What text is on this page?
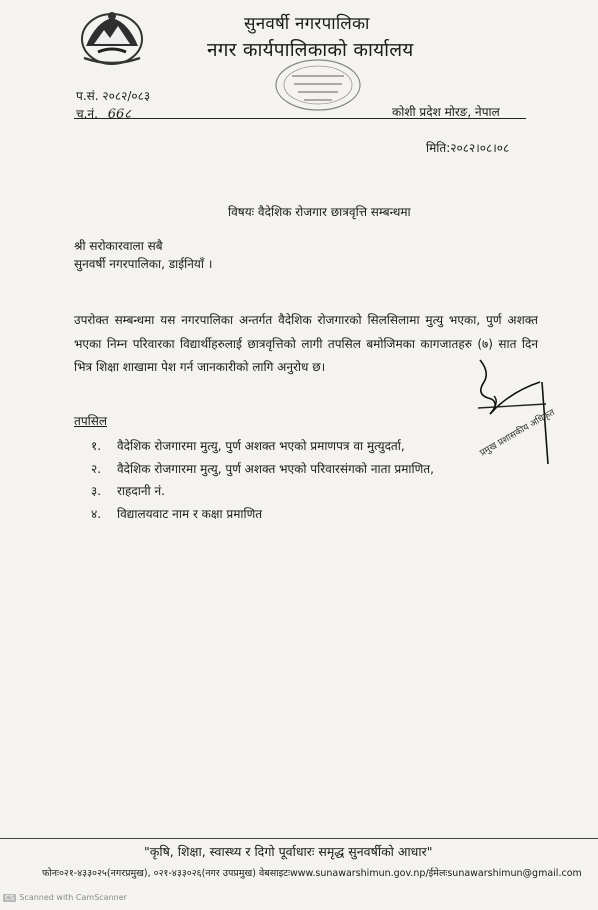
सुनवर्षी नगरपालिका
नगर कार्यपालिकाको कार्यालय
प.सं. २०८२/०८३
च.नं. 66८	कोशी प्रदेश मोरङ, नेपाल
मिति:२०८२।०८।०८
विषयः वैदेशिक रोजगार छात्रवृत्ति सम्बन्धमा
श्री सरोकारवाला सबै
सुनवर्षी नगरपालिका, डाईनियाँ ।
उपरोक्त सम्बन्धमा यस नगरपालिका अन्तर्गत वैदेशिक रोजगारको सिलसिलामा मुत्यु भएका, पुर्ण अशक्त भएका निम्न परिवारका विद्यार्थीहरुलाई छात्रवृत्तिको लागी तपसिल बमोजिमका कागजातहरु (७) सात दिन भित्र शिक्षा शाखामा पेश गर्न जानकारीको लागि अनुरोध छ।
तपसिल
१.	वैदेशिक रोजगारमा मुत्यु, पुर्ण अशक्त भएको प्रमाणपत्र वा मुत्युदर्ता,
२.	वैदेशिक रोजगारमा मुत्यु, पुर्ण अशक्त भएको परिवारसंगको नाता प्रमाणित,
३.	राहदानी नं.
४.	विद्यालयवाट नाम र कक्षा प्रमाणित
प्रमुख प्रशासकीय अधिकृत
"कृषि, शिक्षा, स्वास्थ्य र दिगो पूर्वाधारः समृद्ध सुनवर्षीको आधार"
फोनः०२१-४३३०२५(नगरप्रमुख), ०२१-४३३०२६(नगर उपप्रमुख) वेबसाइटःwww.sunawarshimun.gov.np/ईमेलःsunawarshimun@gmail.com
CS Scanned with CamScanner
